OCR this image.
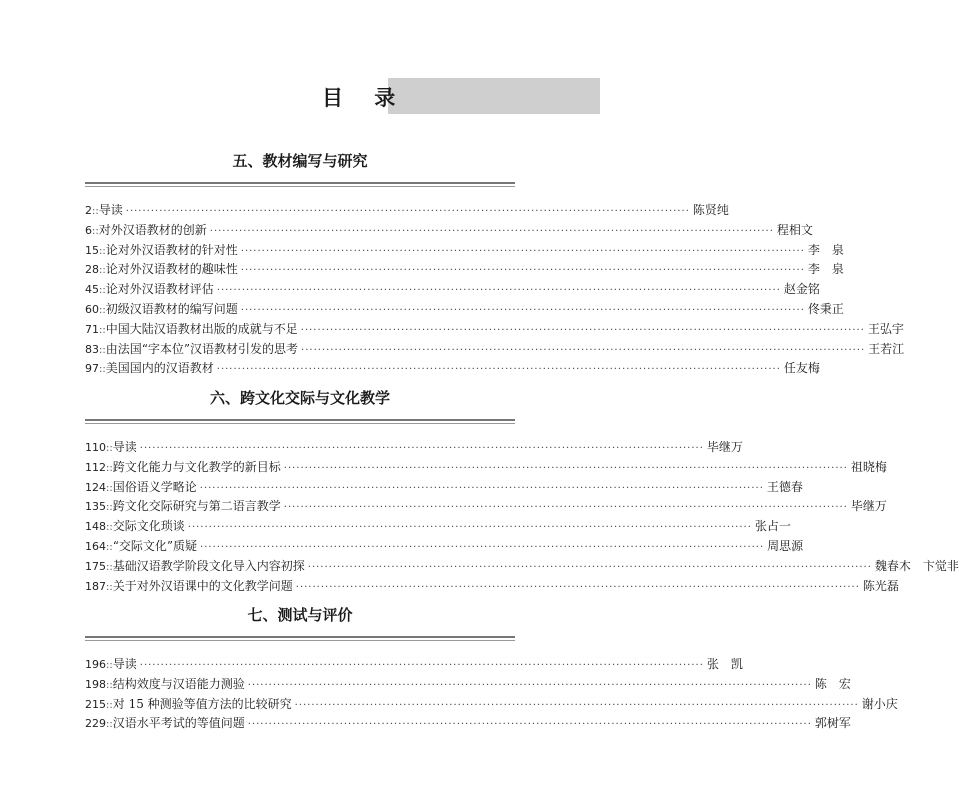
目 录
五、教材编写与研究
2 :: 导读 ·····	陈贤纯
6 :: 对外汉语教材的创新 ·····	程相文
15 :: 论对外汉语教材的针对性 ·····	李　泉
28 :: 论对外汉语教材的趣味性 ·····	李　泉
45 :: 论对外汉语教材评估 ·····	赵金铭
60 :: 初级汉语教材的编写问题 ·····	佟秉正
71 :: 中国大陆汉语教材出版的成就与不足 ·····	王弘宇
83 :: 由法国“字本位”汉语教材引发的思考 ·····	王若江
97 :: 美国国内的汉语教材 ·····	任友梅
六、跨文化交际与文化教学
110 :: 导读 ·····	毕继万
112 :: 跨文化能力与文化教学的新目标 ·····	祖晓梅
124 :: 国俗语义学略论 ·····	王德春
135 :: 跨文化交际研究与第二语言教学 ·····	毕继万
148 :: 交际文化琐谈 ·····	张占一
164 :: “交际文化”质疑 ·····	周思源
175 :: 基础汉语教学阶段文化导入内容初探 ·····	魏春木　卞觉非
187 :: 关于对外汉语课中的文化教学问题 ·····	陈光磊
七、测试与评价
196 :: 导读 ·····	张　凯
198 :: 结构效度与汉语能力测验 ·····	陈　宏
215 :: 对 15 种测验等值方法的比较研究 ·····	谢小庆
229 :: 汉语水平考试的等值问题 ·····	郭树军
